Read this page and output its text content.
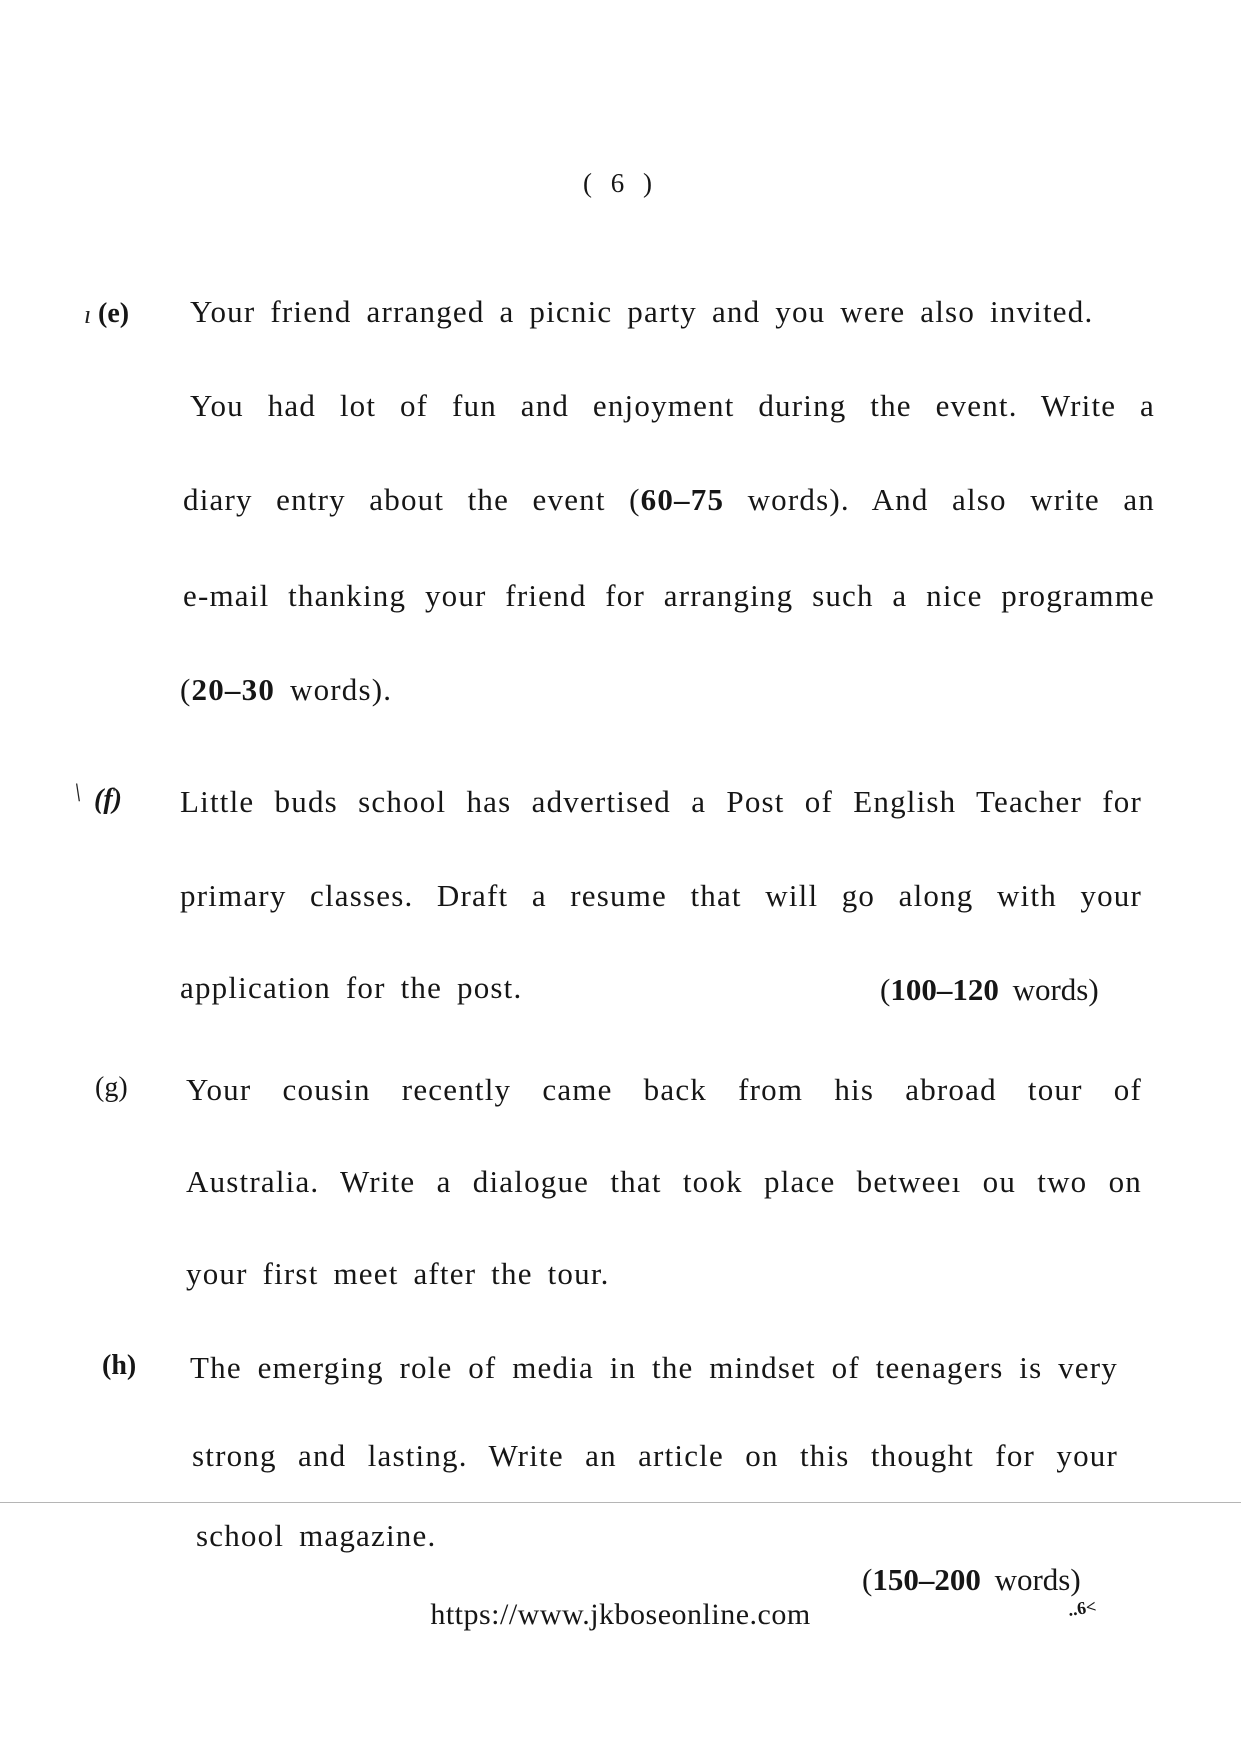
( 6 )
ı (e) Your friend arranged a picnic party and you were also invited.
You had lot of fun and enjoyment during the event. Write a
diary entry about the event (60–75 words). And also write an
e-mail thanking your friend for arranging such a nice programme
(20–30 words).
\ (f) Little buds school has advertised a Post of English Teacher for
primary classes. Draft a resume that will go along with your
application for the post.	(100–120 words)
(g) Your cousin recently came back from his abroad tour of
Australia. Write a dialogue that took place betweeı ou two on
your first meet after the tour.
(h) The emerging role of media in the mindset of teenagers is very
strong and lasting. Write an article on this thought for your
school magazine.
(150–200 words)
https://www.jkboseonline.com	..6<
